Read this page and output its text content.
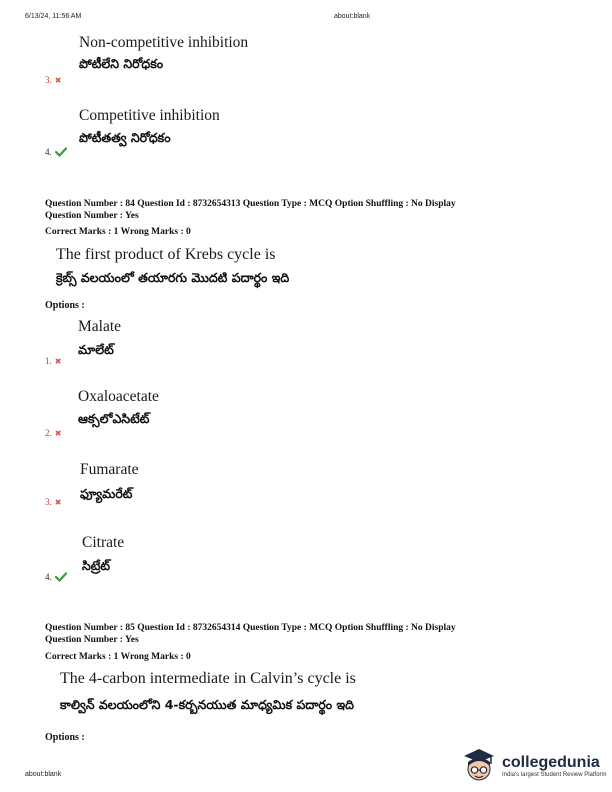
6/13/24, 11:56 AM	about:blank
Non-competitive inhibition
పోటీలేని నిరోధకం
3. ✖
Competitive inhibition
పోటీతత్వ నిరోధకం
4.
Question Number : 84 Question Id : 8732654313 Question Type : MCQ Option Shuffling : No Display
Question Number : Yes
Correct Marks : 1 Wrong Marks : 0
The first product of Krebs cycle is
క్రెబ్స్ వలయంలో తయారగు మొదటి పదార్థం ఇది
Options :
Malate
మాలేట్
1. ✖
Oxaloacetate
ఆక్సలోఎసిటేట్
2. ✖
Fumarate
ఫ్యూమరేట్
3. ✖
Citrate
సిట్రేట్
4.
Question Number : 85 Question Id : 8732654314 Question Type : MCQ Option Shuffling : No Display
Question Number : Yes
Correct Marks : 1 Wrong Marks : 0
The 4-carbon intermediate in Calvin’s cycle is
కాల్విన్ వలయంలోని 4-కర్బనయుత మాధ్యమిక పదార్థం ఇది
Options :
about:blank
collegedunia
India's largest Student Review Platform
